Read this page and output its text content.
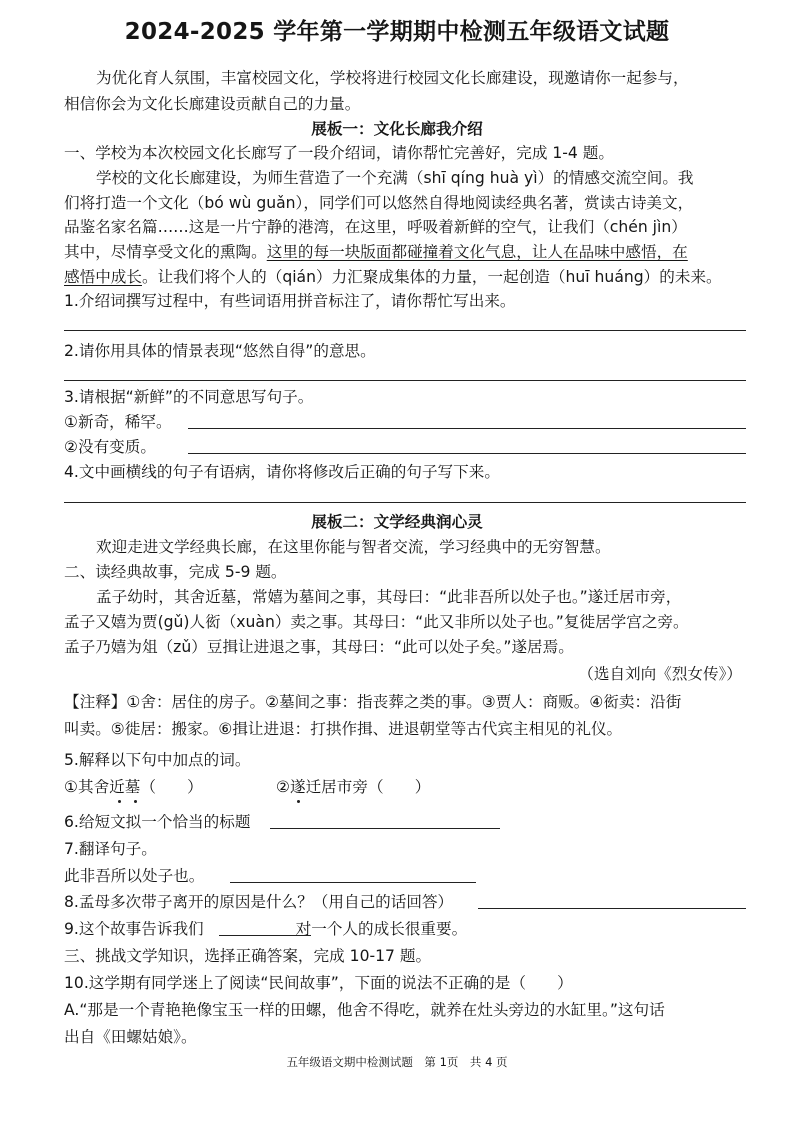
2024-2025 学年第一学期期中检测五年级语文试题
为优化育人氛围，丰富校园文化，学校将进行校园文化长廊建设，现邀请你一起参与，
相信你会为文化长廊建设贡献自己的力量。
展板一：文化长廊我介绍
一、学校为本次校园文化长廊写了一段介绍词，请你帮忙完善好，完成 1-4 题。
学校的文化长廊建设，为师生营造了一个充满（shī qíng huà yì）的情感交流空间。我
们将打造一个文化（bó wù guǎn），同学们可以悠然自得地阅读经典名著，赏读古诗美文，
品鉴名家名篇……这是一片宁静的港湾，在这里，呼吸着新鲜的空气，让我们（chén jìn）
其中，尽情享受文化的熏陶。这里的每一块版面都碰撞着文化气息，让人在品味中感悟，在
感悟中成长。让我们将个人的（qián）力汇聚成集体的力量，一起创造（huī huáng）的未来。
1.介绍词撰写过程中，有些词语用拼音标注了，请你帮忙写出来。
2.请你用具体的情景表现“悠然自得”的意思。
3.请根据“新鲜”的不同意思写句子。
①新奇，稀罕。
②没有变质。
4.文中画横线的句子有语病，请你将修改后正确的句子写下来。
展板二：文学经典润心灵
欢迎走进文学经典长廊，在这里你能与智者交流，学习经典中的无穷智慧。
二、读经典故事，完成 5-9 题。
孟子幼时，其舍近墓，常嬉为墓间之事，其母曰：“此非吾所以处子也。”遂迁居市旁，
孟子又嬉为贾(gǔ)人衒（xuàn）卖之事。其母曰：“此又非所以处子也。”复徙居学宫之旁。
孟子乃嬉为俎（zǔ）豆揖让进退之事，其母曰：“此可以处子矣。”遂居焉。
（选自刘向《烈女传》）
【注释】①舍：居住的房子。②墓间之事：指丧葬之类的事。③贾人：商贩。④衒卖：沿街
叫卖。⑤徙居：搬家。⑥揖让进退：打拱作揖、进退朝堂等古代宾主相见的礼仪。
5.解释以下句中加点的词。
①其舍近墓（　　）	②遂迁居市旁（　　）
6.给短文拟一个恰当的标题
7.翻译句子。
此非吾所以处子也。
8.孟母多次带子离开的原因是什么？（用自己的话回答）
9.这个故事告诉我们	对一个人的成长很重要。
三、挑战文学知识，选择正确答案，完成 10-17 题。
10.这学期有同学迷上了阅读“民间故事”，下面的说法不正确的是（　　）
A.“那是一个青艳艳像宝玉一样的田螺，他舍不得吃，就养在灶头旁边的水缸里。”这句话
出自《田螺姑娘》。
五年级语文期中检测试题　第 1页　共 4 页
